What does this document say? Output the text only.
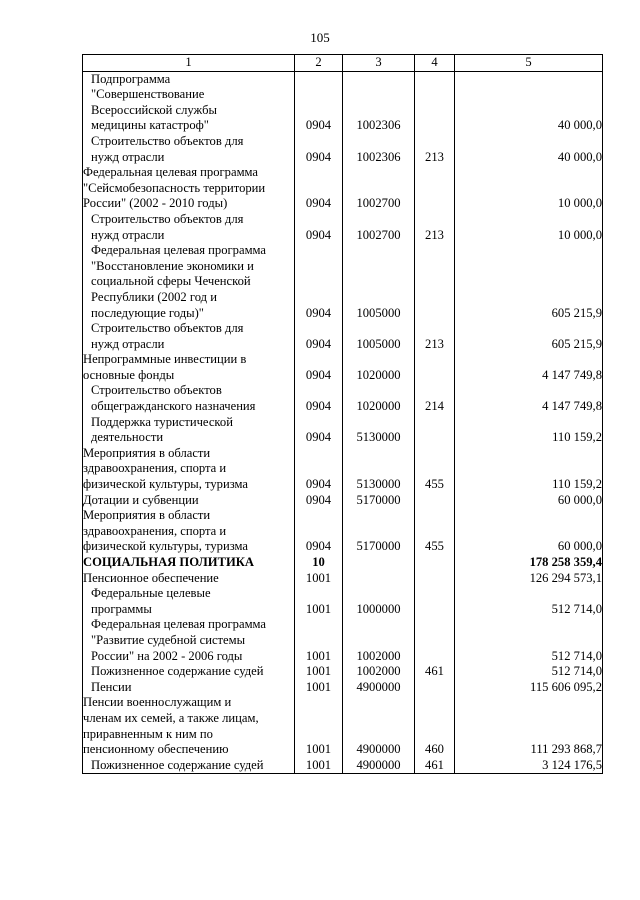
105
1	2	3	4	5
Подпрограмма
"Совершенствование
Всероссийской службы
медицины катастроф"	0904	1002306		40 000,0
Строительство объектов для
нужд отрасли	0904	1002306	213	40 000,0
Федеральная целевая программа
"Сейсмобезопасность территории
России" (2002 - 2010 годы)	0904	1002700		10 000,0
Строительство объектов для
нужд отрасли	0904	1002700	213	10 000,0
Федеральная целевая программа
"Восстановление экономики и
социальной сферы Чеченской
Республики (2002 год и
последующие годы)"	0904	1005000		605 215,9
Строительство объектов для
нужд отрасли	0904	1005000	213	605 215,9
Непрограммные инвестиции в
основные фонды	0904	1020000		4 147 749,8
Строительство объектов
общегражданского назначения	0904	1020000	214	4 147 749,8
Поддержка туристической
деятельности	0904	5130000		110 159,2
Мероприятия в области
здравоохранения, спорта и
физической культуры, туризма	0904	5130000	455	110 159,2
Дотации и субвенции	0904	5170000		60 000,0
Мероприятия в области
здравоохранения, спорта и
физической культуры, туризма	0904	5170000	455	60 000,0
СОЦИАЛЬНАЯ ПОЛИТИКА	10			178 258 359,4
Пенсионное обеспечение	1001			126 294 573,1
Федеральные целевые
программы	1001	1000000		512 714,0
Федеральная целевая программа
"Развитие судебной системы
России" на 2002 - 2006 годы	1001	1002000		512 714,0
Пожизненное содержание судей	1001	1002000	461	512 714,0
Пенсии	1001	4900000		115 606 095,2
Пенсии военнослужащим и
членам их семей, а также лицам,
приравненным к ним по
пенсионному обеспечению	1001	4900000	460	111 293 868,7
Пожизненное содержание судей	1001	4900000	461	3 124 176,5
